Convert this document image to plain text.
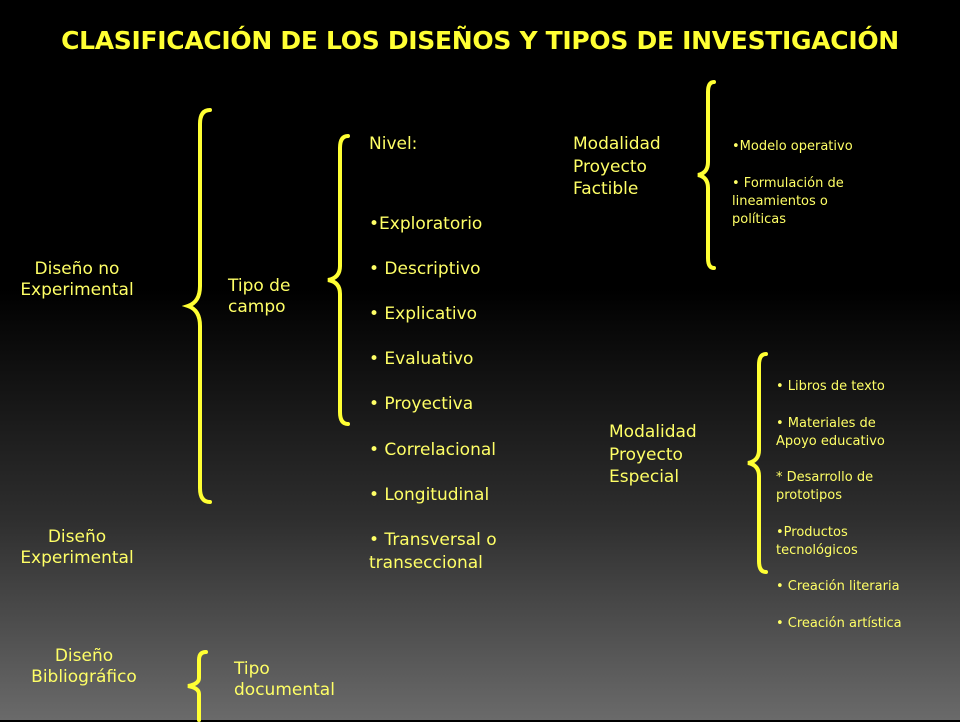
CLASIFICACIÓN DE LOS DISEÑOS Y TIPOS DE INVESTIGACIÓN
Diseño no
Experimental
Diseño
Experimental
Diseño
Bibliográfico
Tipo de
campo
Tipo
documental
Nivel:

•Exploratorio

• Descriptivo

• Explicativo

• Evaluativo

• Proyectiva

• Correlacional

• Longitudinal

• Transversal o
transeccional

Modalidad
Proyecto
Factible

•Modelo operativo

• Formulación de
lineamientos o
políticas

Modalidad
Proyecto
Especial

• Libros de texto

• Materiales de
Apoyo educativo

* Desarrollo de
prototipos

•Productos
tecnológicos

• Creación literaria

• Creación artística
